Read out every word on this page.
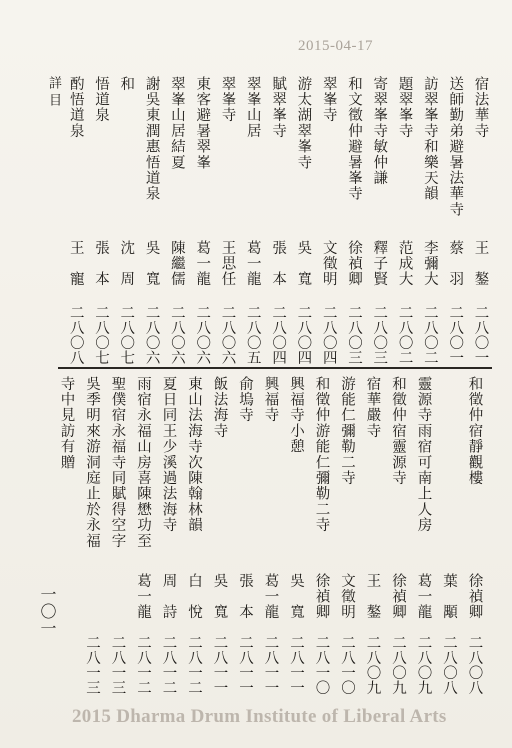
2015-04-17
詳目
一〇一
宿法華寺
王　鏊
二八〇一
送師勤弟避暑法華寺
蔡　羽
二八〇一
訪翠峯寺和樂天韻
李彌大
二八〇二
題翠峯寺
范成大
二八〇二
寄翠峯寺敏仲謙
釋子賢
二八〇三
和文徵仲避暑峯寺
徐禎卿
二八〇三
翠峯寺
文徵明
二八〇四
游太湖翠峯寺
吳　寬
二八〇四
賦翠峯寺
張　本
二八〇四
翠峯山居
葛一龍
二八〇五
翠峯寺
王思任
二八〇六
東客避暑翠峯
葛一龍
二八〇六
翠峯山居結夏
陳繼儒
二八〇六
謝吳東潤惠悟道泉
吳　寬
二八〇六
和
沈　周
二八〇七
悟道泉
張　本
二八〇七
酌悟道泉
王　寵
二八〇八
和徵仲宿靜觀樓
徐禎卿
二八〇八
葉　顒
二八〇八
靈源寺雨宿可南上人房
葛一龍
二八〇九
和徵仲宿靈源寺
徐禎卿
二八〇九
宿華嚴寺
王　鏊
二八〇九
游能仁彌勒二寺
文徵明
二八一〇
和徵仲游能仁彌勒二寺
徐禎卿
二八一〇
興福寺小憩
吳　寬
二八一一
興福寺
葛一龍
二八一一
俞塢寺
張　本
二八一一
飯法海寺
吳　寬
二八一一
東山法海寺次陳翰林韻
白　悅
二八一二
夏日同王少溪過法海寺
周　詩
二八一二
雨宿永福山房喜陳懋功至
葛一龍
二八一二
聖僕宿永福寺同賦得空字
二八一三
吳季明來游洞庭止於永福
二八一三
寺中見訪有贈
2015 Dharma Drum Institute of Liberal Arts
